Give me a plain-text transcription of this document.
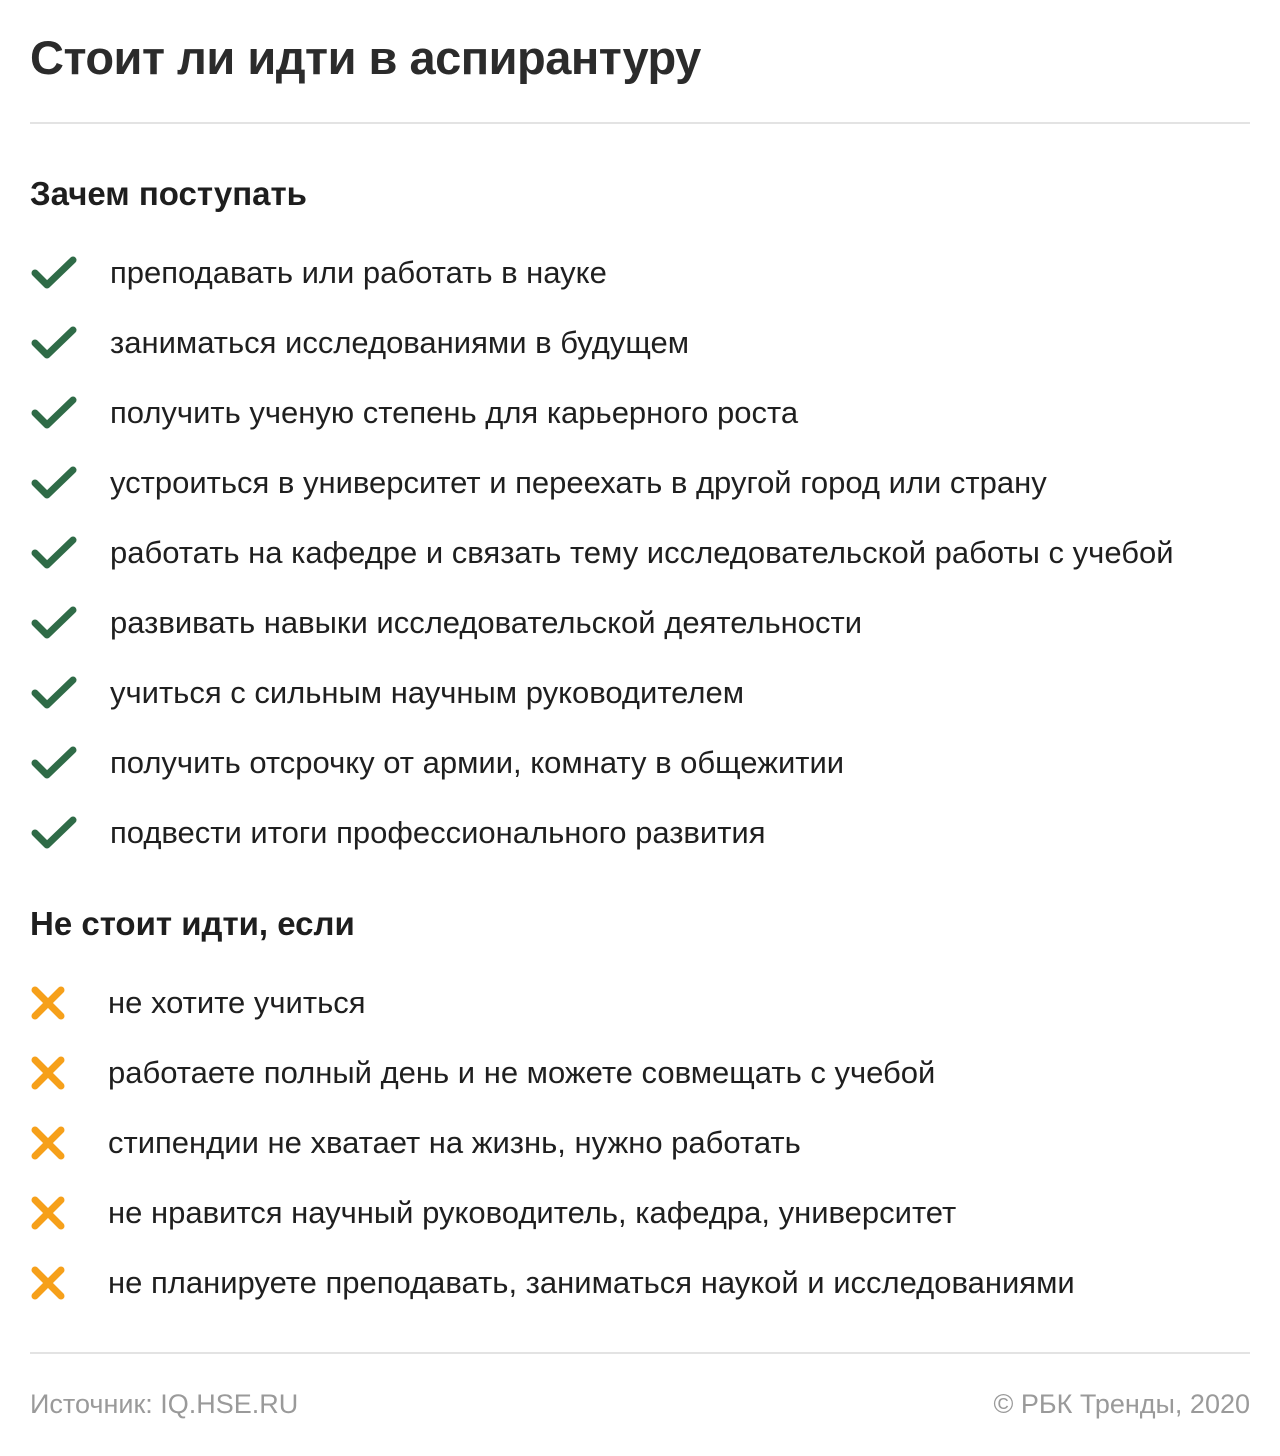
Стоит ли идти в аспирантуру
Зачем поступать
преподавать или работать в науке
заниматься исследованиями в будущем
получить ученую степень для карьерного роста
устроиться в университет и переехать в другой город или страну
работать на кафедре и связать тему исследовательской работы с учебой
развивать навыки исследовательской деятельности
учиться с сильным научным руководителем
получить отсрочку от армии, комнату в общежитии
подвести итоги профессионального развития
Не стоит идти, если
не хотите учиться
работаете полный день и не можете совмещать с учебой
стипендии не хватает на жизнь, нужно работать
не нравится научный руководитель, кафедра, университет
не планируете преподавать, заниматься наукой и исследованиями
Источник: IQ.HSE.RU	© РБК Тренды, 2020
